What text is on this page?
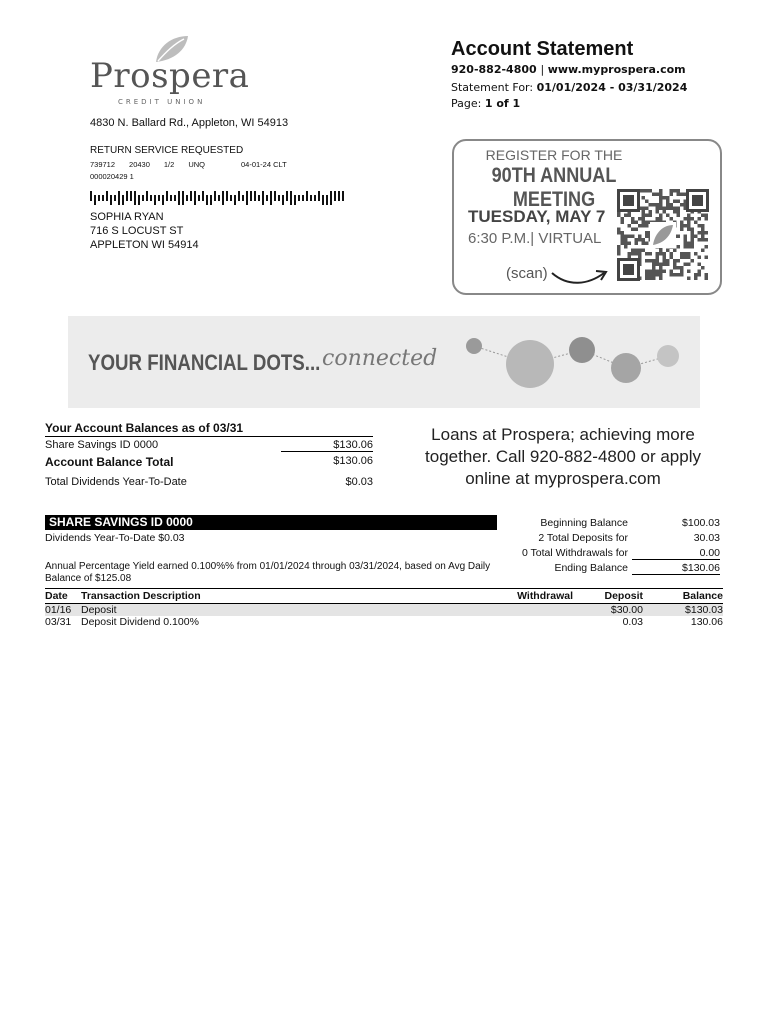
Prospera
CREDIT UNION
4830 N. Ballard Rd., Appleton, WI 54913
RETURN SERVICE REQUESTED
739712 20430 1/2 UNQ	04-01-24 CLT
000020429 1
SOPHIA RYAN
716 S LOCUST ST
APPLETON WI 54914
Account Statement
920-882-4800 | www.myprospera.com
Statement For: 01/01/2024 - 03/31/2024
Page: 1 of 1
REGISTER FOR THE
90TH ANNUAL MEETING
TUESDAY, MAY 7
6:30 P.M.| VIRTUAL
(scan)
YOUR FINANCIAL DOTS... connected
Your Account Balances as of 03/31
Share Savings ID 0000	$130.06
Account Balance Total	$130.06
Total Dividends Year-To-Date	$0.03
Loans at Prospera; achieving more together. Call 920-882-4800 or apply online at myprospera.com
SHARE SAVINGS ID 0000
Dividends Year-To-Date $0.03
Annual Percentage Yield earned 0.100%% from 01/01/2024 through 03/31/2024, based on Avg Daily Balance of $125.08
Beginning Balance	$100.03
2 Total Deposits for	30.03
0 Total Withdrawals for	0.00
Ending Balance	$130.06
Date	Transaction Description	Withdrawal	Deposit	Balance
01/16	Deposit		$30.00	$130.03
03/31	Deposit Dividend 0.100%		0.03	130.06
